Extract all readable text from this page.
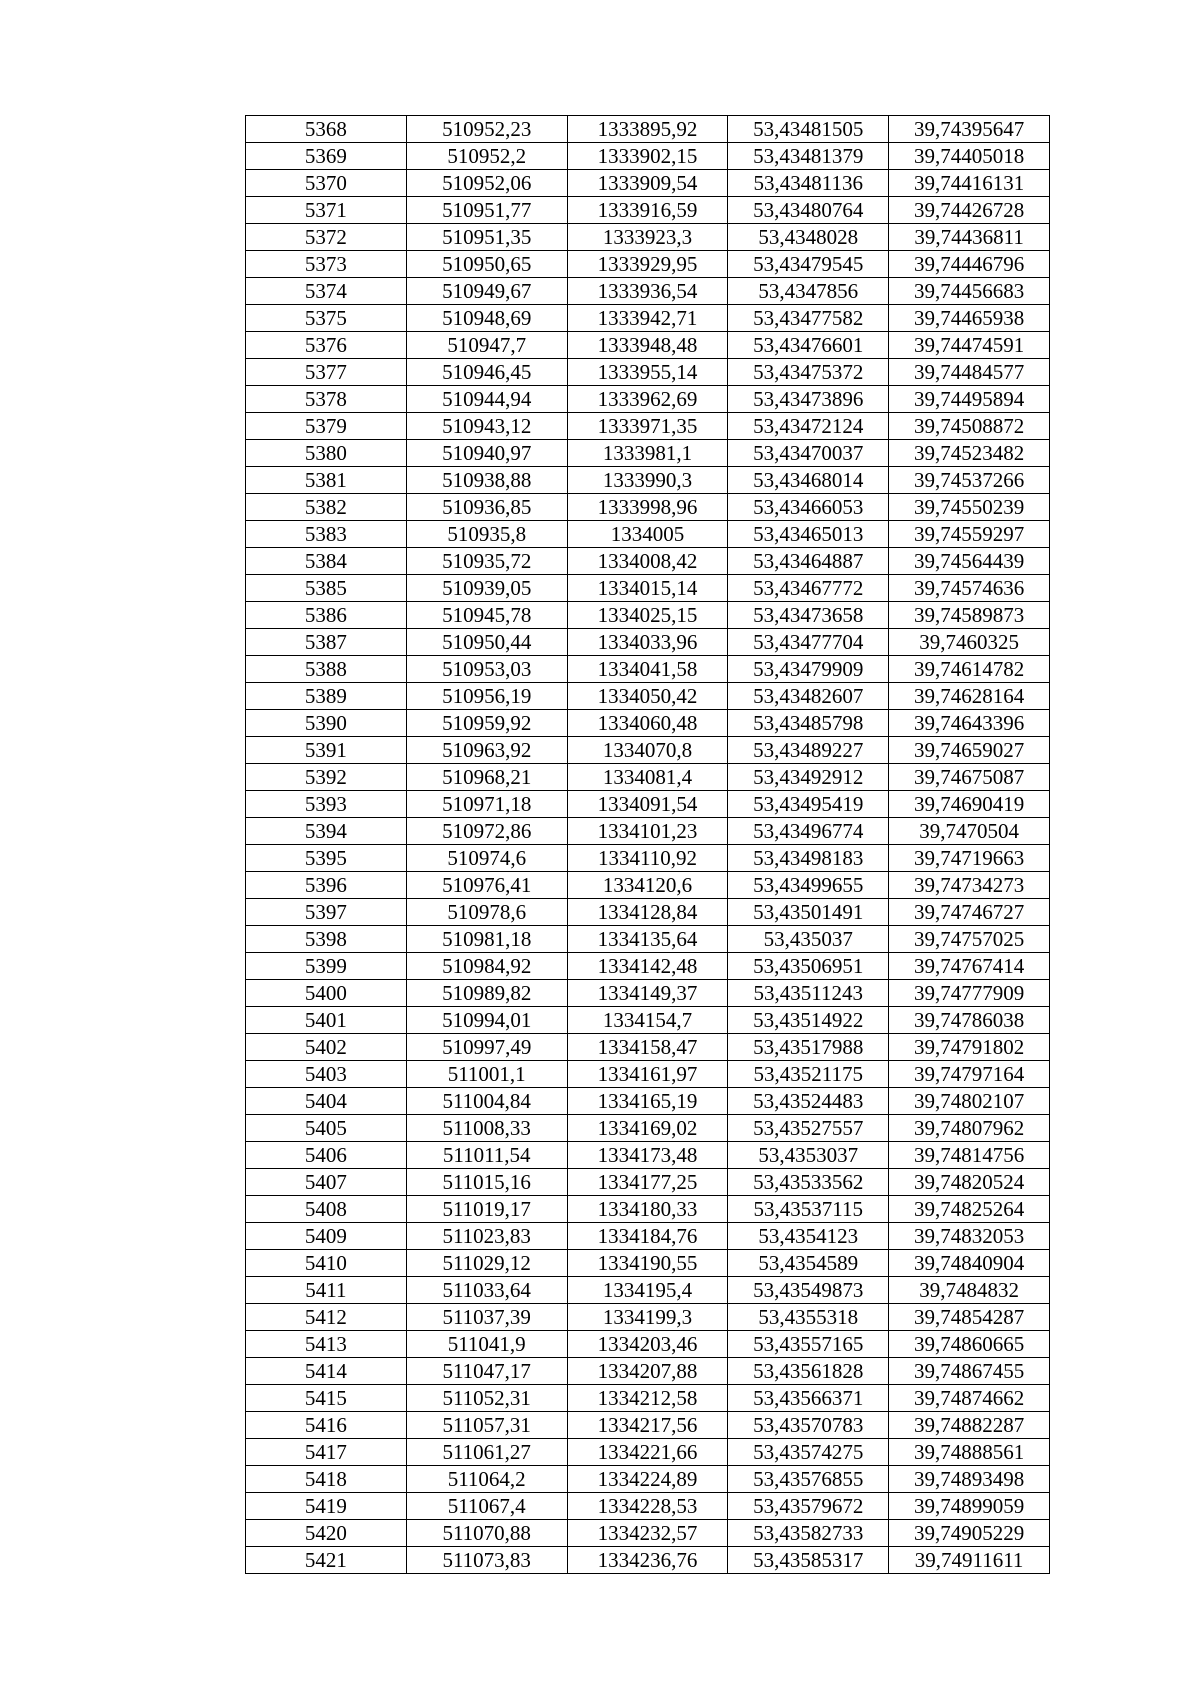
5368	510952,23	1333895,92	53,43481505	39,74395647
5369	510952,2	1333902,15	53,43481379	39,74405018
5370	510952,06	1333909,54	53,43481136	39,74416131
5371	510951,77	1333916,59	53,43480764	39,74426728
5372	510951,35	1333923,3	53,4348028	39,74436811
5373	510950,65	1333929,95	53,43479545	39,74446796
5374	510949,67	1333936,54	53,4347856	39,74456683
5375	510948,69	1333942,71	53,43477582	39,74465938
5376	510947,7	1333948,48	53,43476601	39,74474591
5377	510946,45	1333955,14	53,43475372	39,74484577
5378	510944,94	1333962,69	53,43473896	39,74495894
5379	510943,12	1333971,35	53,43472124	39,74508872
5380	510940,97	1333981,1	53,43470037	39,74523482
5381	510938,88	1333990,3	53,43468014	39,74537266
5382	510936,85	1333998,96	53,43466053	39,74550239
5383	510935,8	1334005	53,43465013	39,74559297
5384	510935,72	1334008,42	53,43464887	39,74564439
5385	510939,05	1334015,14	53,43467772	39,74574636
5386	510945,78	1334025,15	53,43473658	39,74589873
5387	510950,44	1334033,96	53,43477704	39,7460325
5388	510953,03	1334041,58	53,43479909	39,74614782
5389	510956,19	1334050,42	53,43482607	39,74628164
5390	510959,92	1334060,48	53,43485798	39,74643396
5391	510963,92	1334070,8	53,43489227	39,74659027
5392	510968,21	1334081,4	53,43492912	39,74675087
5393	510971,18	1334091,54	53,43495419	39,74690419
5394	510972,86	1334101,23	53,43496774	39,7470504
5395	510974,6	1334110,92	53,43498183	39,74719663
5396	510976,41	1334120,6	53,43499655	39,74734273
5397	510978,6	1334128,84	53,43501491	39,74746727
5398	510981,18	1334135,64	53,435037	39,74757025
5399	510984,92	1334142,48	53,43506951	39,74767414
5400	510989,82	1334149,37	53,43511243	39,74777909
5401	510994,01	1334154,7	53,43514922	39,74786038
5402	510997,49	1334158,47	53,43517988	39,74791802
5403	511001,1	1334161,97	53,43521175	39,74797164
5404	511004,84	1334165,19	53,43524483	39,74802107
5405	511008,33	1334169,02	53,43527557	39,74807962
5406	511011,54	1334173,48	53,4353037	39,74814756
5407	511015,16	1334177,25	53,43533562	39,74820524
5408	511019,17	1334180,33	53,43537115	39,74825264
5409	511023,83	1334184,76	53,4354123	39,74832053
5410	511029,12	1334190,55	53,4354589	39,74840904
5411	511033,64	1334195,4	53,43549873	39,7484832
5412	511037,39	1334199,3	53,4355318	39,74854287
5413	511041,9	1334203,46	53,43557165	39,74860665
5414	511047,17	1334207,88	53,43561828	39,74867455
5415	511052,31	1334212,58	53,43566371	39,74874662
5416	511057,31	1334217,56	53,43570783	39,74882287
5417	511061,27	1334221,66	53,43574275	39,74888561
5418	511064,2	1334224,89	53,43576855	39,74893498
5419	511067,4	1334228,53	53,43579672	39,74899059
5420	511070,88	1334232,57	53,43582733	39,74905229
5421	511073,83	1334236,76	53,43585317	39,74911611
